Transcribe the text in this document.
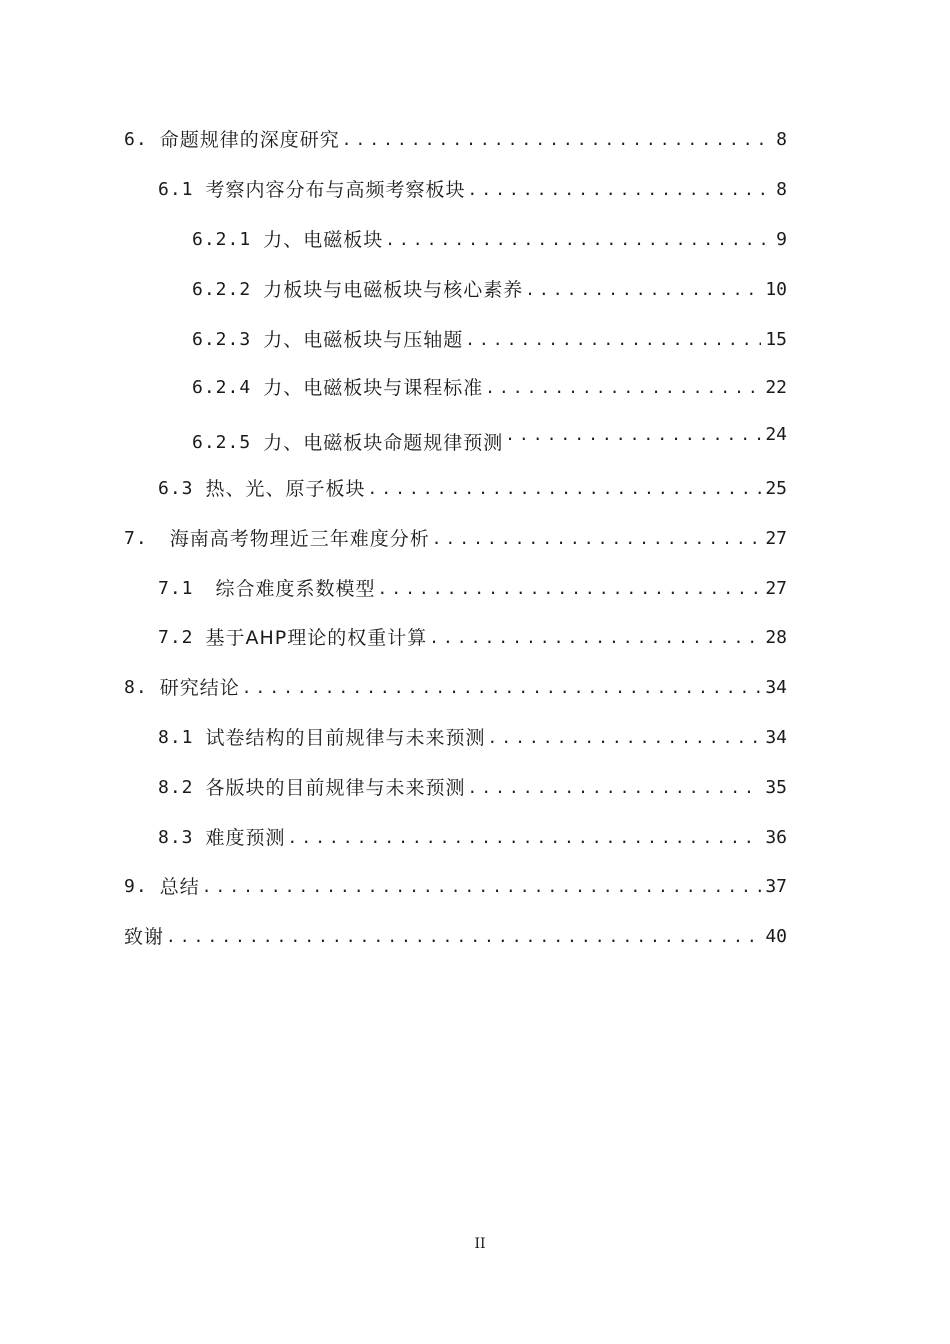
6. 命题规律的深度研究 .....	8
6.1 考察内容分布与高频考察板块 .....	8
6.2.1 力、电磁板块 .....	9
6.2.2 力板块与电磁板块与核心素养 .....	10
6.2.3 力、电磁板块与压轴题 .....	15
6.2.4 力、电磁板块与课程标准 .....	22
6.2.5 力、电磁板块命题规律预测 .....	24
6.3 热、光、原子板块 .....	25
7. 海南高考物理近三年难度分析 .....	27
7.1 综合难度系数模型 .....	27
7.2 基于AHP理论的权重计算 .....	28
8. 研究结论 .....	34
8.1 试卷结构的目前规律与未来预测 .....	34
8.2 各版块的目前规律与未来预测 .....	35
8.3 难度预测 .....	36
9. 总结 .....	37
致谢 .....	40
II
